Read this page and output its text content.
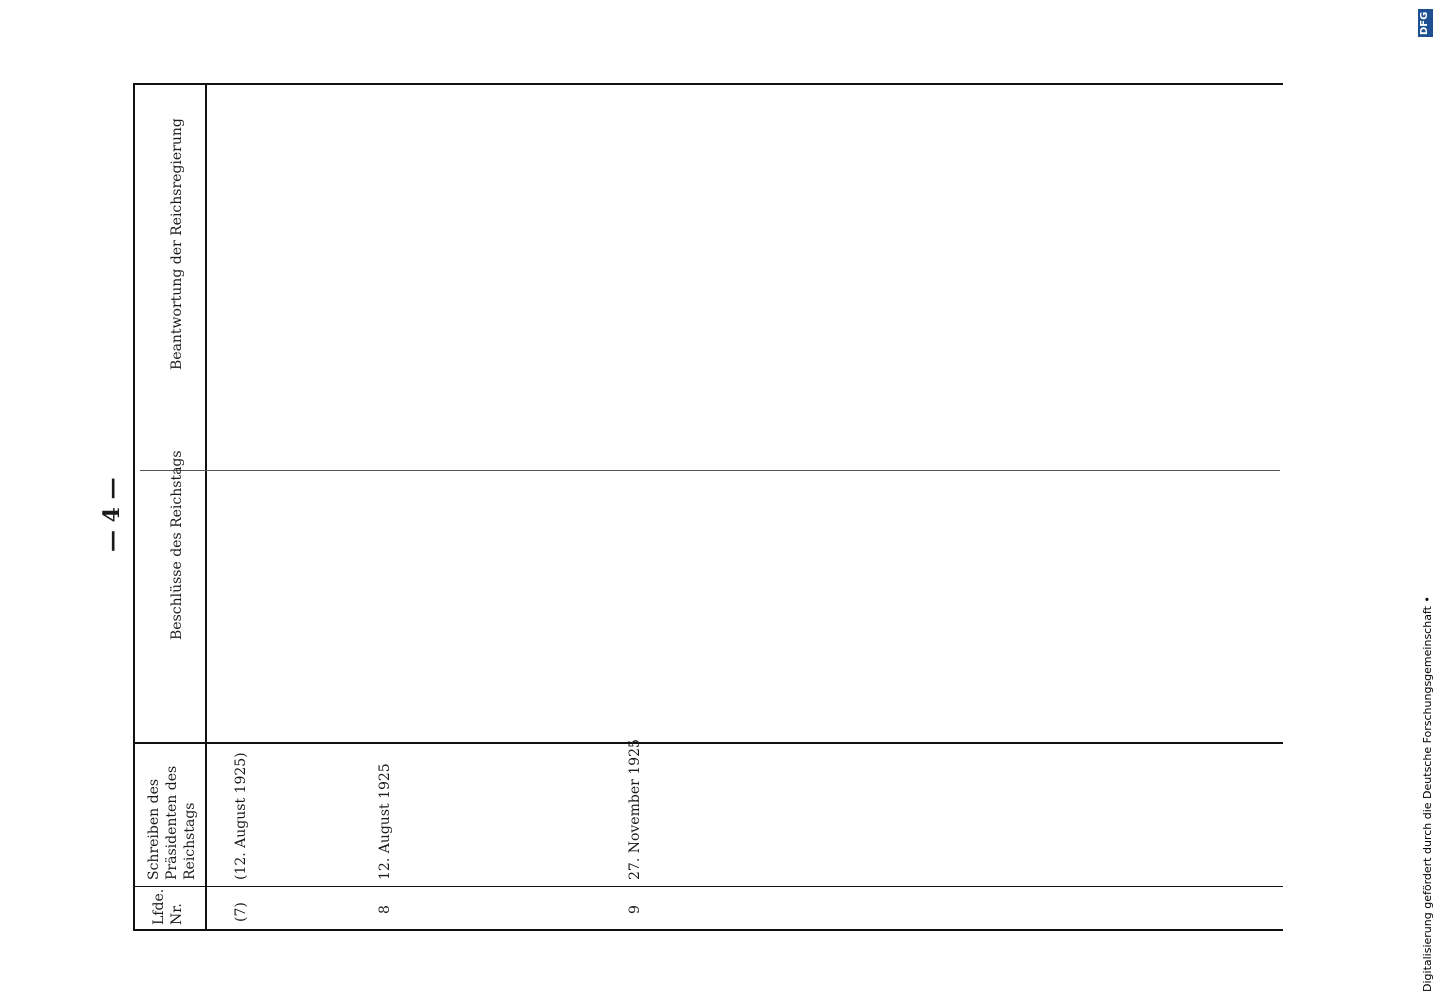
— 4 —
Lfde. Nr.
Schreiben des Präsidenten des Reichstags
Beschlüsse des Reichstags
Beantwortung der Reichsregierung
(7)
(12. August 1925)
8
12. August 1925
9
27. November 1925	Digitalisierung gefördert durch die Deutsche Forschungsgemeinschaft •
DFG
